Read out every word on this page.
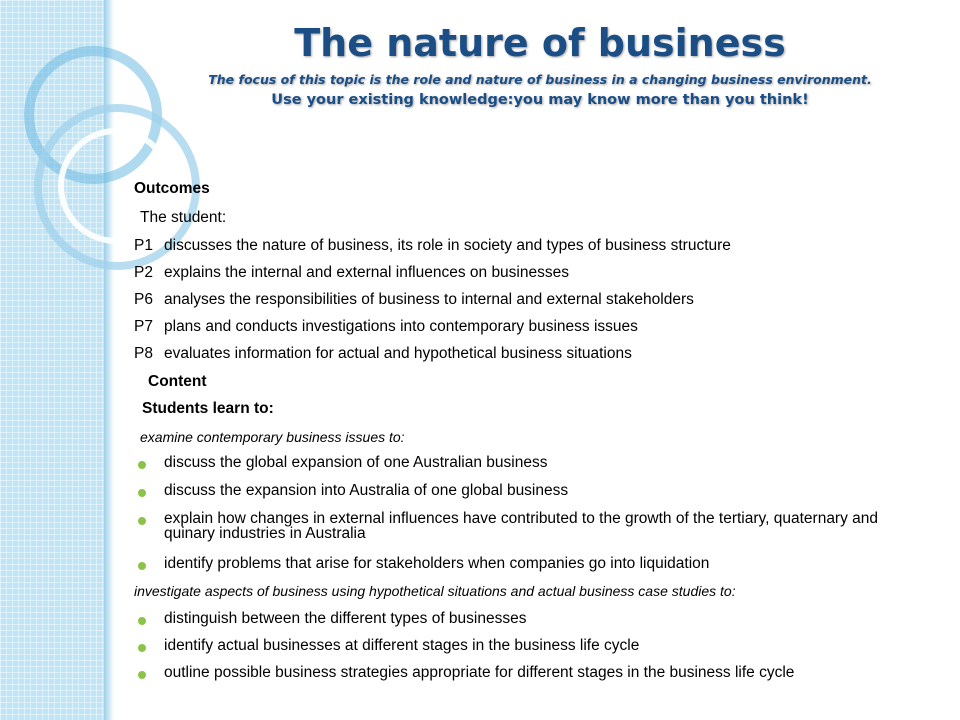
The nature of business

The focus of this topic is the role and nature of business in a changing business environment.

Use your existing knowledge:you may know more than you think!

Outcomes
The student:
P1 discusses the nature of business, its role in society and types of business structure
P2 explains the internal and external influences on businesses
P6 analyses the responsibilities of business to internal and external stakeholders
P7 plans and conducts investigations into contemporary business issues
P8 evaluates information for actual and hypothetical business situations
Content
Students learn to:
examine contemporary business issues to:
discuss the global expansion of one Australian business
discuss the expansion into Australia of one global business
explain how changes in external influences have contributed to the growth of the tertiary, quaternary and quinary industries in Australia
identify problems that arise for stakeholders when companies go into liquidation
investigate aspects of business using hypothetical situations and actual business case studies to:
distinguish between the different types of businesses
identify actual businesses at different stages in the business life cycle
outline possible business strategies appropriate for different stages in the business life cycle
